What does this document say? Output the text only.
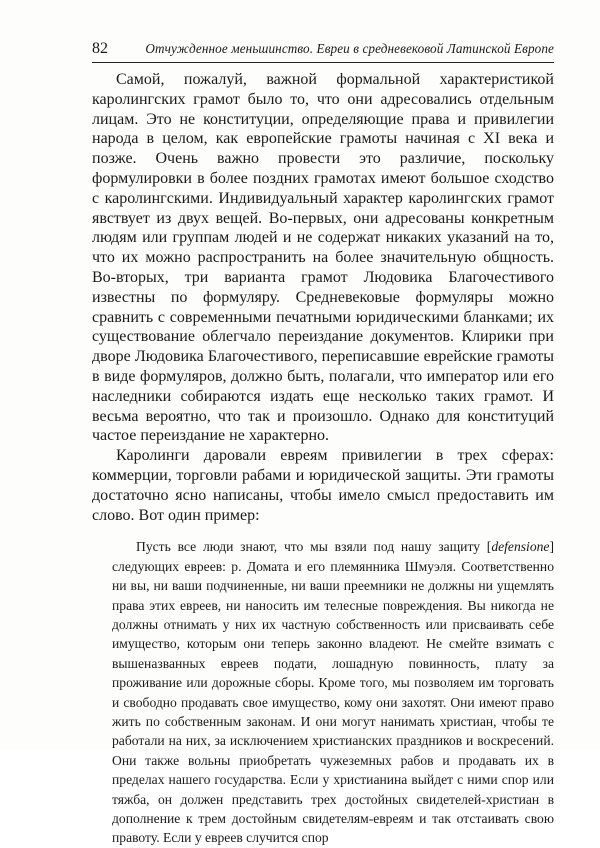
82	Отчужденное меньшинство. Евреи в средневековой Латинской Европе

Самой, пожалуй, важной формальной характеристикой каролингских грамот было то, что они адресовались отдельным лицам. Это не конституции, определяющие права и привилегии народа в целом, как европейские грамоты начиная с XI века и позже. Очень важно провести это различие, поскольку формулировки в более поздних грамотах имеют большое сходство с каролингскими. Индивидуальный характер каролингских грамот явствует из двух вещей. Во-первых, они адресованы конкретным людям или группам людей и не содержат никаких указаний на то, что их можно распространить на более значительную общность. Во-вторых, три варианта грамот Людовика Благочестивого известны по формуляру. Средневековые формуляры можно сравнить с современными печатными юридическими бланками; их существование облегчало переиздание документов. Клирики при дворе Людовика Благочестивого, переписавшие еврейские грамоты в виде формуляров, должно быть, полагали, что император или его наследники собираются издать еще несколько таких грамот. И весьма вероятно, что так и произошло. Однако для конституций частое переиздание не характерно.

Каролинги даровали евреям привилегии в трех сферах: коммерции, торговли рабами и юридической защиты. Эти грамоты достаточно ясно написаны, чтобы имело смысл предоставить им слово. Вот один пример:

Пусть все люди знают, что мы взяли под нашу защиту [defensione] следующих евреев: р. Домата и его племянника Шмуэля. Соответственно ни вы, ни ваши подчиненные, ни ваши преемники не должны ни ущемлять права этих евреев, ни наносить им телесные повреждения. Вы никогда не должны отнимать у них их частную собственность или присваивать себе имущество, которым они теперь законно владеют. Не смейте взимать с вышеназванных евреев подати, лошадную повинность, плату за проживание или дорожные сборы. Кроме того, мы позволяем им торговать и свободно продавать свое имущество, кому они захотят. Они имеют право жить по собственным законам. И они могут нанимать христиан, чтобы те работали на них, за исключением христианских праздников и воскресений. Они также вольны приобретать чужеземных рабов и продавать их в пределах нашего государства. Если у христианина выйдет с ними спор или тяжба, он должен представить трех достойных свидетелей-христиан в дополнение к трем достойным свидетелям-евреям и так отстаивать свою правоту. Если у евреев случится спор
